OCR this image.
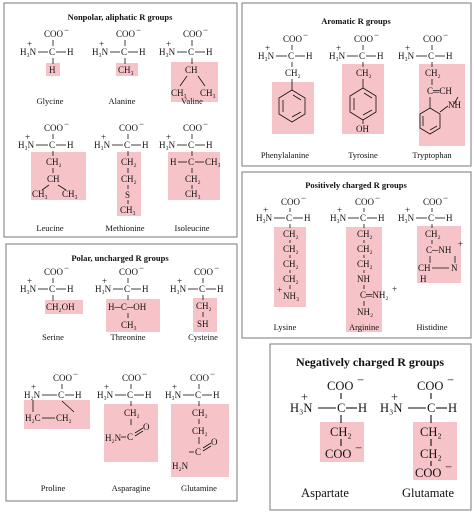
Nonpolar, aliphatic R groups	Aromatic R groups
Positively charged R groups
Polar, uncharged R groups
Negatively charged R groups
COO −
H₃N
+
C H
H
Glycine
COO −
H₃N
+
C H
CH₃
Alanine
COO −
H₃N
+
C H
CH
CH₃ CH₃
Valine
COO −
H₃N
+
C H
CH₂
CH
CH₃ CH₃
Leucine
COO −
H₃N
+
C H
CH₂
CH₂
S
CH₃
Methionine
COO −
H₃N
+
C H
H C CH₃
CH₂
CH₃
Isoleucine
COO −
H₃N
+
C H
CH₂
Phenylalanine
COO −
H₃N
+
C H
CH₂
OH
Tyrosine
COO −
H₃N
+
C H
CH₂
C═CH
NH
Tryptophan
COO −
H₃N
+
C H
CH₂
CH₂
CH₂
CH₂
NH₃
+
Lysine
COO −
H₃N
+
C H
CH₂
CH₂
CH₂
NH
C═NH₂
+
NH₂
Arginine
COO −
H₃N
+
C H
CH₂
C─NH
+
CH N
H
Histidine
COO −
H₃N
+
C H
CH₂OH
Serine
COO −
H₃N
+
C H
H─C─OH
CH₃
Threonine
COO −
H₃N
+
C H
CH₂
SH
Cysteine
COO −
H₂N
+
C H
H₂C CH₂
Proline
COO −
H₃N
+
C H
CH₂
C
H₂N
O
Asparagine
COO −
H₃N
+
C H
CH₂
CH₂
C
H₂N
O
Glutamine
COO −
H₃N
+
C H
CH₂
COO −
Aspartate
COO −
H₃N
+
C H
CH₂
CH₂
COO −
Glutamate
